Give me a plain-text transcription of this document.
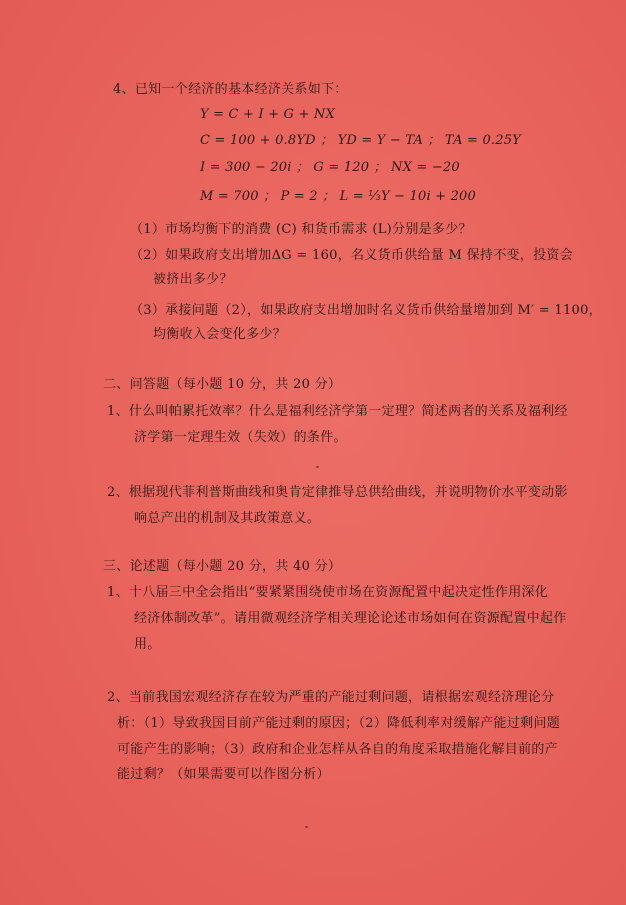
4、已知一个经济的基本经济关系如下：
Y = C + I + G + NX
C = 100 + 0.8YD ； YD = Y − TA ； TA = 0.25Y
I = 300 − 20i ； G = 120 ； NX = −20
M = 700 ； P = 2 ； L = ⅓Y − 10i + 200
（1）市场均衡下的消费 (C) 和货币需求 (L)分别是多少？
（2）如果政府支出增加ΔG = 160，名义货币供给量 M 保持不变，投资会
被挤出多少？
（3）承接问题（2），如果政府支出增加时名义货币供给量增加到 M′ = 1100，
均衡收入会变化多少？
二、问答题（每小题 10 分，共 20 分）
1、什么叫帕累托效率？什么是福利经济学第一定理？简述两者的关系及福利经
济学第一定理生效（失效）的条件。
2、根据现代菲利普斯曲线和奥肯定律推导总供给曲线，并说明物价水平变动影
响总产出的机制及其政策意义。
三、论述题（每小题 20 分，共 40 分）
1、十八届三中全会指出“要紧紧围绕使市场在资源配置中起决定性作用深化
经济体制改革”。请用微观经济学相关理论论述市场如何在资源配置中起作
用。
2、当前我国宏观经济存在较为严重的产能过剩问题，请根据宏观经济理论分
析：（1）导致我国目前产能过剩的原因；（2）降低利率对缓解产能过剩问题
可能产生的影响；（3）政府和企业怎样从各自的角度采取措施化解目前的产
能过剩？（如果需要可以作图分析）
